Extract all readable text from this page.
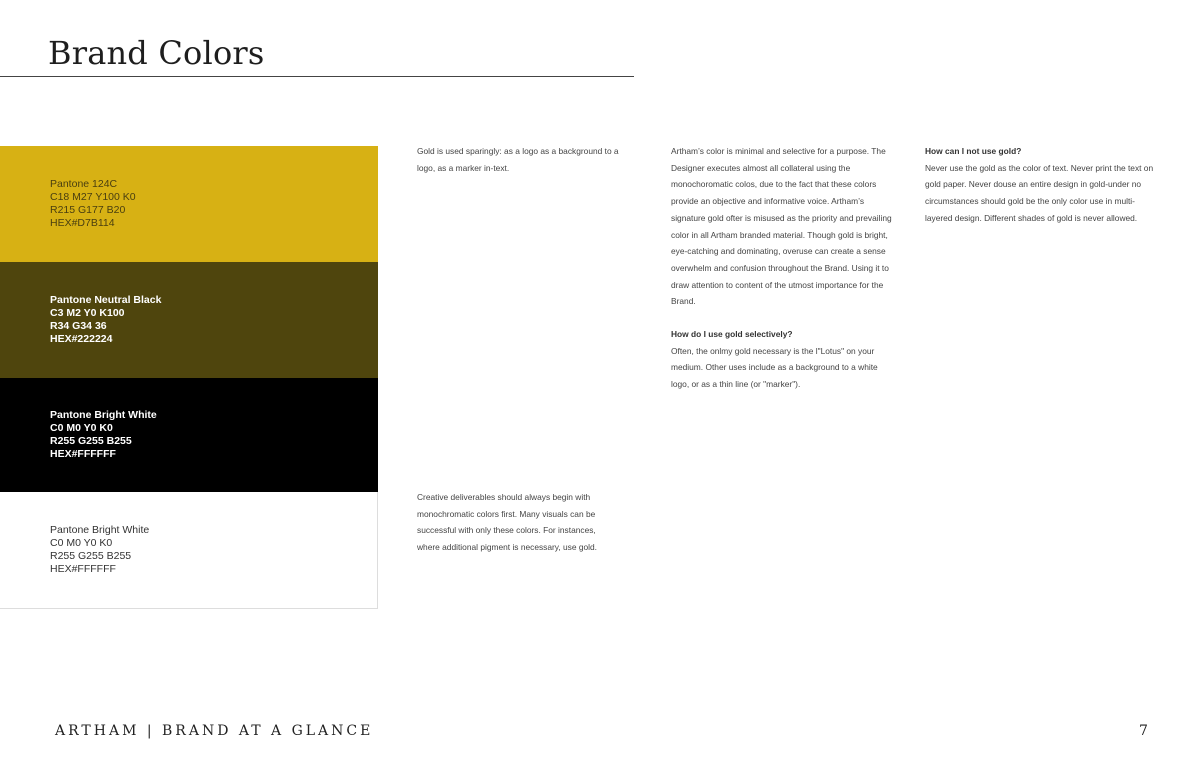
Brand Colors
Pantone 124C
C18 M27 Y100 K0
R215 G177 B20
HEX#D7B114
Pantone Neutral Black
C3 M2 Y0 K100
R34 G34 36
HEX#222224
Pantone Bright White
C0 M0 Y0 K0
R255 G255 B255
HEX#FFFFFF
Pantone Bright White
C0 M0 Y0 K0
R255 G255 B255
HEX#FFFFFF

Gold is used sparingly: as a logo as a background to a logo, as a marker in-text.

Creative deliverables should always begin with monochromatic colors first. Many visuals can be successful with only these colors. For instances, where additional pigment is necessary, use gold.

Artham’s color is minimal and selective for a purpose. The Designer executes almost all collateral using the monochoromatic colos, due to the fact that these colors provide an objective and informative voice. Artham’s signature gold ofter is misused as the priority and prevailing color in all Artham branded material. Though gold is bright, eye-catching and dominating, overuse can create a sense overwhelm and confusion throughout the Brand. Using it to draw attention to content of the utmost importance for the Brand.

How do I use gold selectively?

Often, the onlmy gold necessary is the l"Lotus" on your medium. Other uses include as a background to a white logo, or as a thin line (or "marker").

How can I not use gold?

Never use the gold as the color of text. Never print the text on gold paper. Never douse an entire design in gold-under no circumstances should gold be the only color use in multi-layered design. Different shades of gold is never allowed.

ARTHAM | BRAND AT A GLANCE	7
